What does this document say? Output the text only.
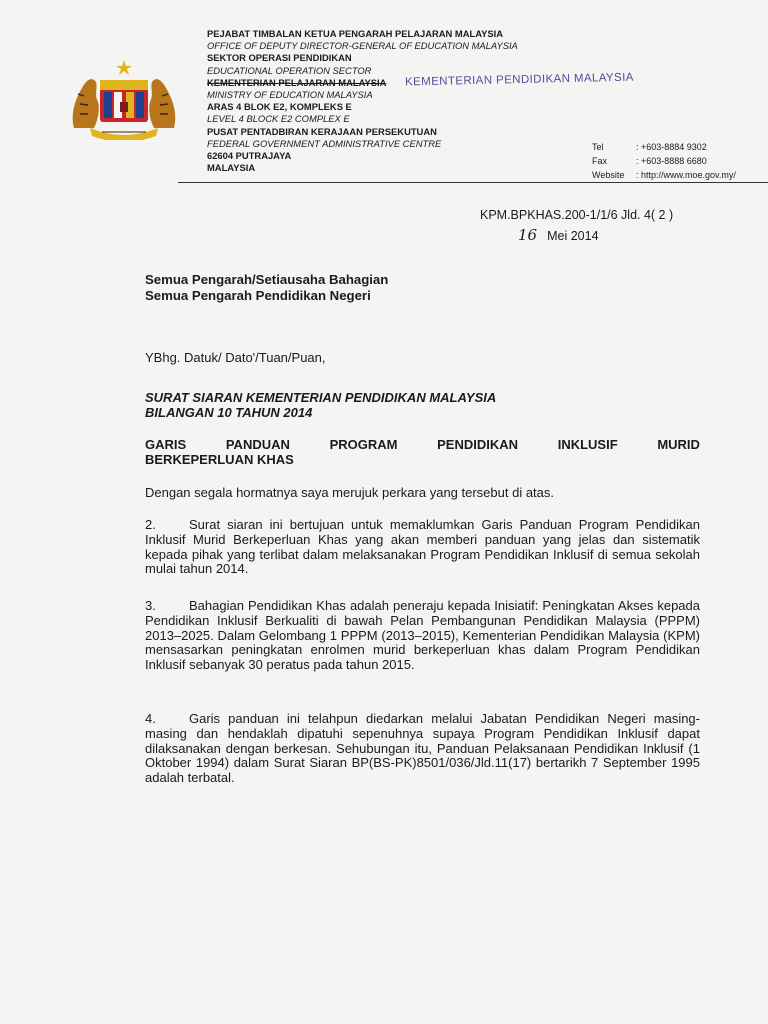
PEJABAT TIMBALAN KETUA PENGARAH PELAJARAN MALAYSIA
OFFICE OF DEPUTY DIRECTOR-GENERAL OF EDUCATION MALAYSIA
SEKTOR OPERASI PENDIDIKAN
EDUCATIONAL OPERATION SECTOR
KEMENTERIAN PELAJARAN MALAYSIA
MINISTRY OF EDUCATION MALAYSIA
ARAS 4 BLOK E2, KOMPLEKS E
LEVEL 4 BLOCK E2 COMPLEX E
PUSAT PENTADBIRAN KERAJAAN PERSEKUTUAN
FEDERAL GOVERNMENT ADMINISTRATIVE CENTRE
62604 PUTRAJAYA
MALAYSIA
KEMENTERIAN PENDIDIKAN MALAYSIA
Tel	: +603-8884 9302
Fax	: +603-8888 6680
Website	: http://www.moe.gov.my/
KPM.BPKHAS.200-1/1/6 Jld. 4( 2 )
16 Mei 2014
Semua Pengarah/Setiausaha Bahagian
Semua Pengarah Pendidikan Negeri
YBhg. Datuk/ Dato'/Tuan/Puan,
SURAT SIARAN KEMENTERIAN PENDIDIKAN MALAYSIA
BILANGAN 10 TAHUN 2014
GARIS	PANDUAN	PROGRAM	PENDIDIKAN	INKLUSIF	MURID
BERKEPERLUAN KHAS
Dengan segala hormatnya saya merujuk perkara yang tersebut di atas.
2.	Surat siaran ini bertujuan untuk memaklumkan Garis Panduan Program Pendidikan Inklusif Murid Berkeperluan Khas yang akan memberi panduan yang jelas dan sistematik kepada pihak yang terlibat dalam melaksanakan Program Pendidikan Inklusif di semua sekolah mulai tahun 2014.
3.	Bahagian Pendidikan Khas adalah peneraju kepada Inisiatif: Peningkatan Akses kepada Pendidikan Inklusif Berkualiti di bawah Pelan Pembangunan Pendidikan Malaysia (PPPM) 2013–2025. Dalam Gelombang 1 PPPM (2013–2015), Kementerian Pendidikan Malaysia (KPM) mensasarkan peningkatan enrolmen murid berkeperluan khas dalam Program Pendidikan Inklusif sebanyak 30 peratus pada tahun 2015.
4.	Garis panduan ini telahpun diedarkan melalui Jabatan Pendidikan Negeri masing-masing dan hendaklah dipatuhi sepenuhnya supaya Program Pendidikan Inklusif dapat dilaksanakan dengan berkesan. Sehubungan itu, Panduan Pelaksanaan Pendidikan Inklusif (1 Oktober 1994) dalam Surat Siaran BP(BS-PK)8501/036/Jld.11(17) bertarikh 7 September 1995 adalah terbatal.
